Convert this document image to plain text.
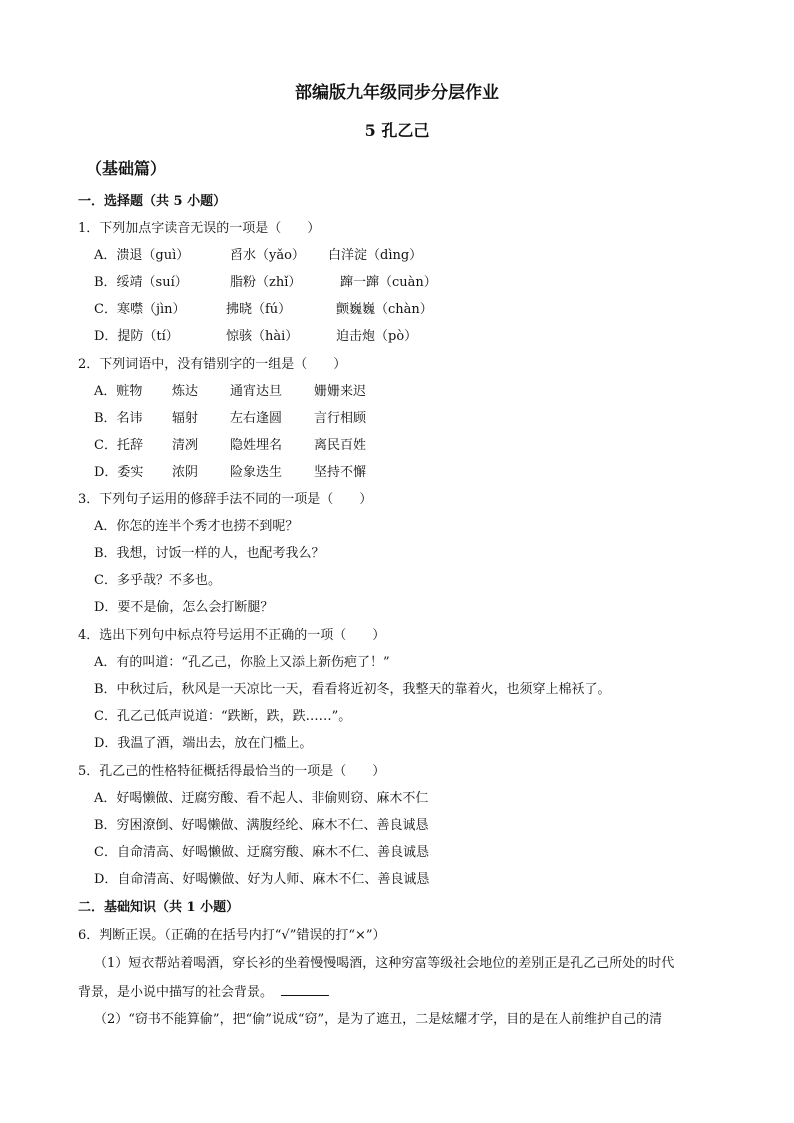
部编版九年级同步分层作业
5 孔乙己
（基础篇）
一．选择题（共 5 小题）
1．下列加点字读音无误的一项是（　　）
A．溃退（guì）	舀水（yǎo） 白洋淀（dìng）
B．绥靖（suí）	脂粉（zhǐ）	蹿一蹿（cuàn）
C．寒噤（jìn）	拂晓（fú）	颤巍巍（chàn）
D．提防（tí）	惊骇（hài）	迫击炮（pò）
2．下列词语中，没有错别字的一组是（　　）
A．赃物 炼达 通宵达旦 姗姗来迟
B．名讳 辐射 左右逢圆 言行相顾
C．托辞 清冽 隐姓埋名 离民百姓
D．委实 浓阴 险象迭生 坚持不懈
3．下列句子运用的修辞手法不同的一项是（　　）
A．你怎的连半个秀才也捞不到呢？
B．我想，讨饭一样的人，也配考我么？
C．多乎哉？不多也。
D．要不是偷，怎么会打断腿？
4．选出下列句中标点符号运用不正确的一项（　　）
A．有的叫道：“孔乙己，你脸上又添上新伤疤了！”
B．中秋过后，秋风是一天凉比一天，看看将近初冬，我整天的靠着火，也须穿上棉袄了。
C．孔乙己低声说道：“跌断，跌，跌……”。
D．我温了酒，端出去，放在门槛上。
5．孔乙己的性格特征概括得最恰当的一项是（　　）
A．好喝懒做、迂腐穷酸、看不起人、非偷则窃、麻木不仁
B．穷困潦倒、好喝懒做、满腹经纶、麻木不仁、善良诚恳
C．自命清高、好喝懒做、迂腐穷酸、麻木不仁、善良诚恳
D．自命清高、好喝懒做、好为人师、麻木不仁、善良诚恳
二．基础知识（共 1 小题）
6．判断正误。（正确的在括号内打“√”错误的打“×”）
（1）短衣帮站着喝酒，穿长衫的坐着慢慢喝酒，这种穷富等级社会地位的差别正是孔乙己所处的时代
背景，是小说中描写的社会背景。
（2）“窃书不能算偷”，把“偷”说成“窃”，是为了遮丑，二是炫耀才学，目的是在人前维护自己的清
